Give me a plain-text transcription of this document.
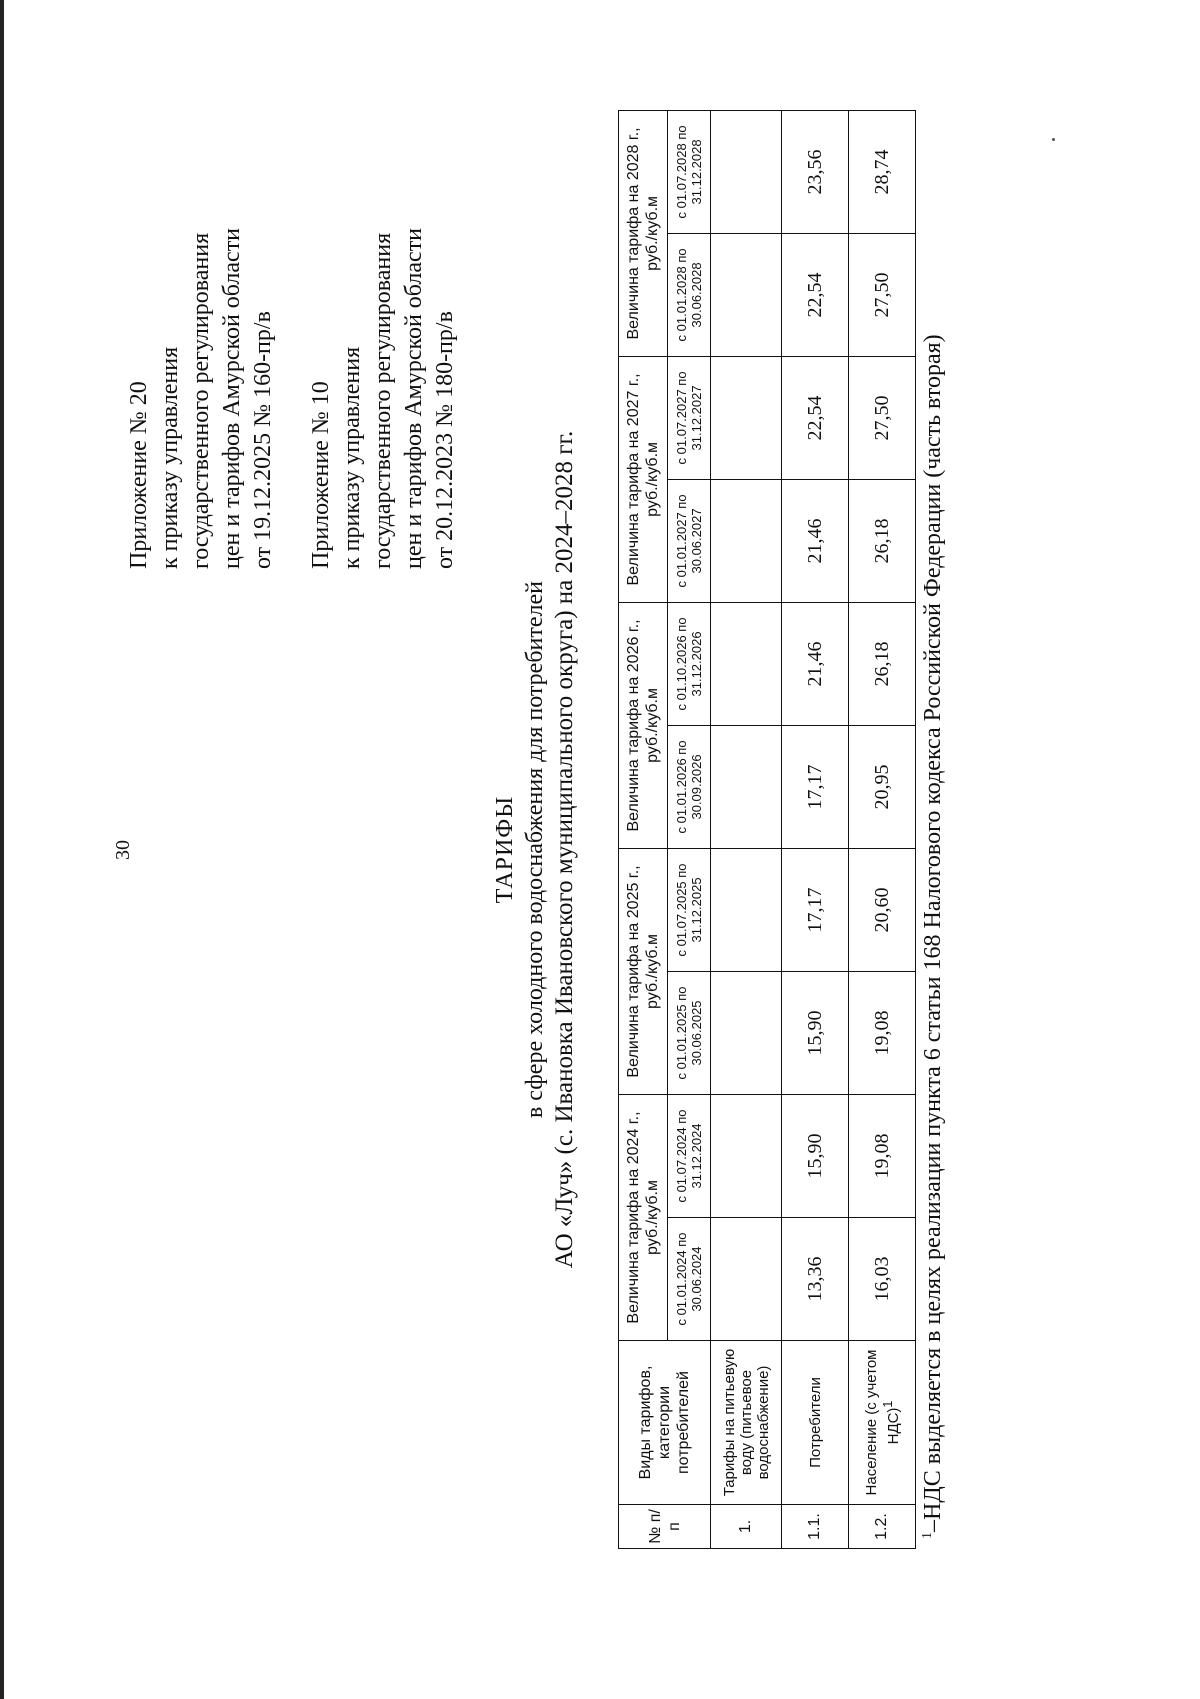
30
Приложение № 20 к приказу управления государственного регулирования цен и тарифов Амурской области от 19.12.2025 № 160-пр/в Приложение № 10 к приказу управления государственного регулирования цен и тарифов Амурской области от 20.12.2023 № 180-пр/в
ТАРИФЫ в сфере холодного водоснабжения для потребителей АО «Луч» (с. Ивановка Ивановского муниципального округа) на 2024–2028 гг.
№ п/п	Виды тарифов, категории потребителей	Величина тарифа на 2024 г., руб./куб.м		Величина тарифа на 2025 г., руб./куб.м		Величина тарифа на 2026 г., руб./куб.м		Величина тарифа на 2027 г., руб./куб.м		Величина тарифа на 2028 г., руб./куб.м	
		с 01.01.2024 по 30.06.2024	с 01.07.2024 по 31.12.2024	с 01.01.2025 по 30.06.2025	с 01.07.2025 по 31.12.2025	с 01.01.2026 по 30.09.2026	с 01.10.2026 по 31.12.2026	с 01.01.2027 по 30.06.2027	с 01.07.2027 по 31.12.2027	с 01.01.2028 по 30.06.2028	с 01.07.2028 по 31.12.2028
1.	Тарифы на питьевую воду (питьевое водоснабжение)										
1.1.	Потребители	13,36	15,90	15,90	17,17	17,17	21,46	21,46	22,54	22,54	23,56
1.2.	Население (с учетом НДС)$^1$	16,03	19,08	19,08	20,60	20,95	26,18	26,18	27,50	27,50	28,74
$^1$–НДС выделяется в целях реализации пункта 6 статьи 168 Налогового кодекса Российской Федерации (часть вторая)
